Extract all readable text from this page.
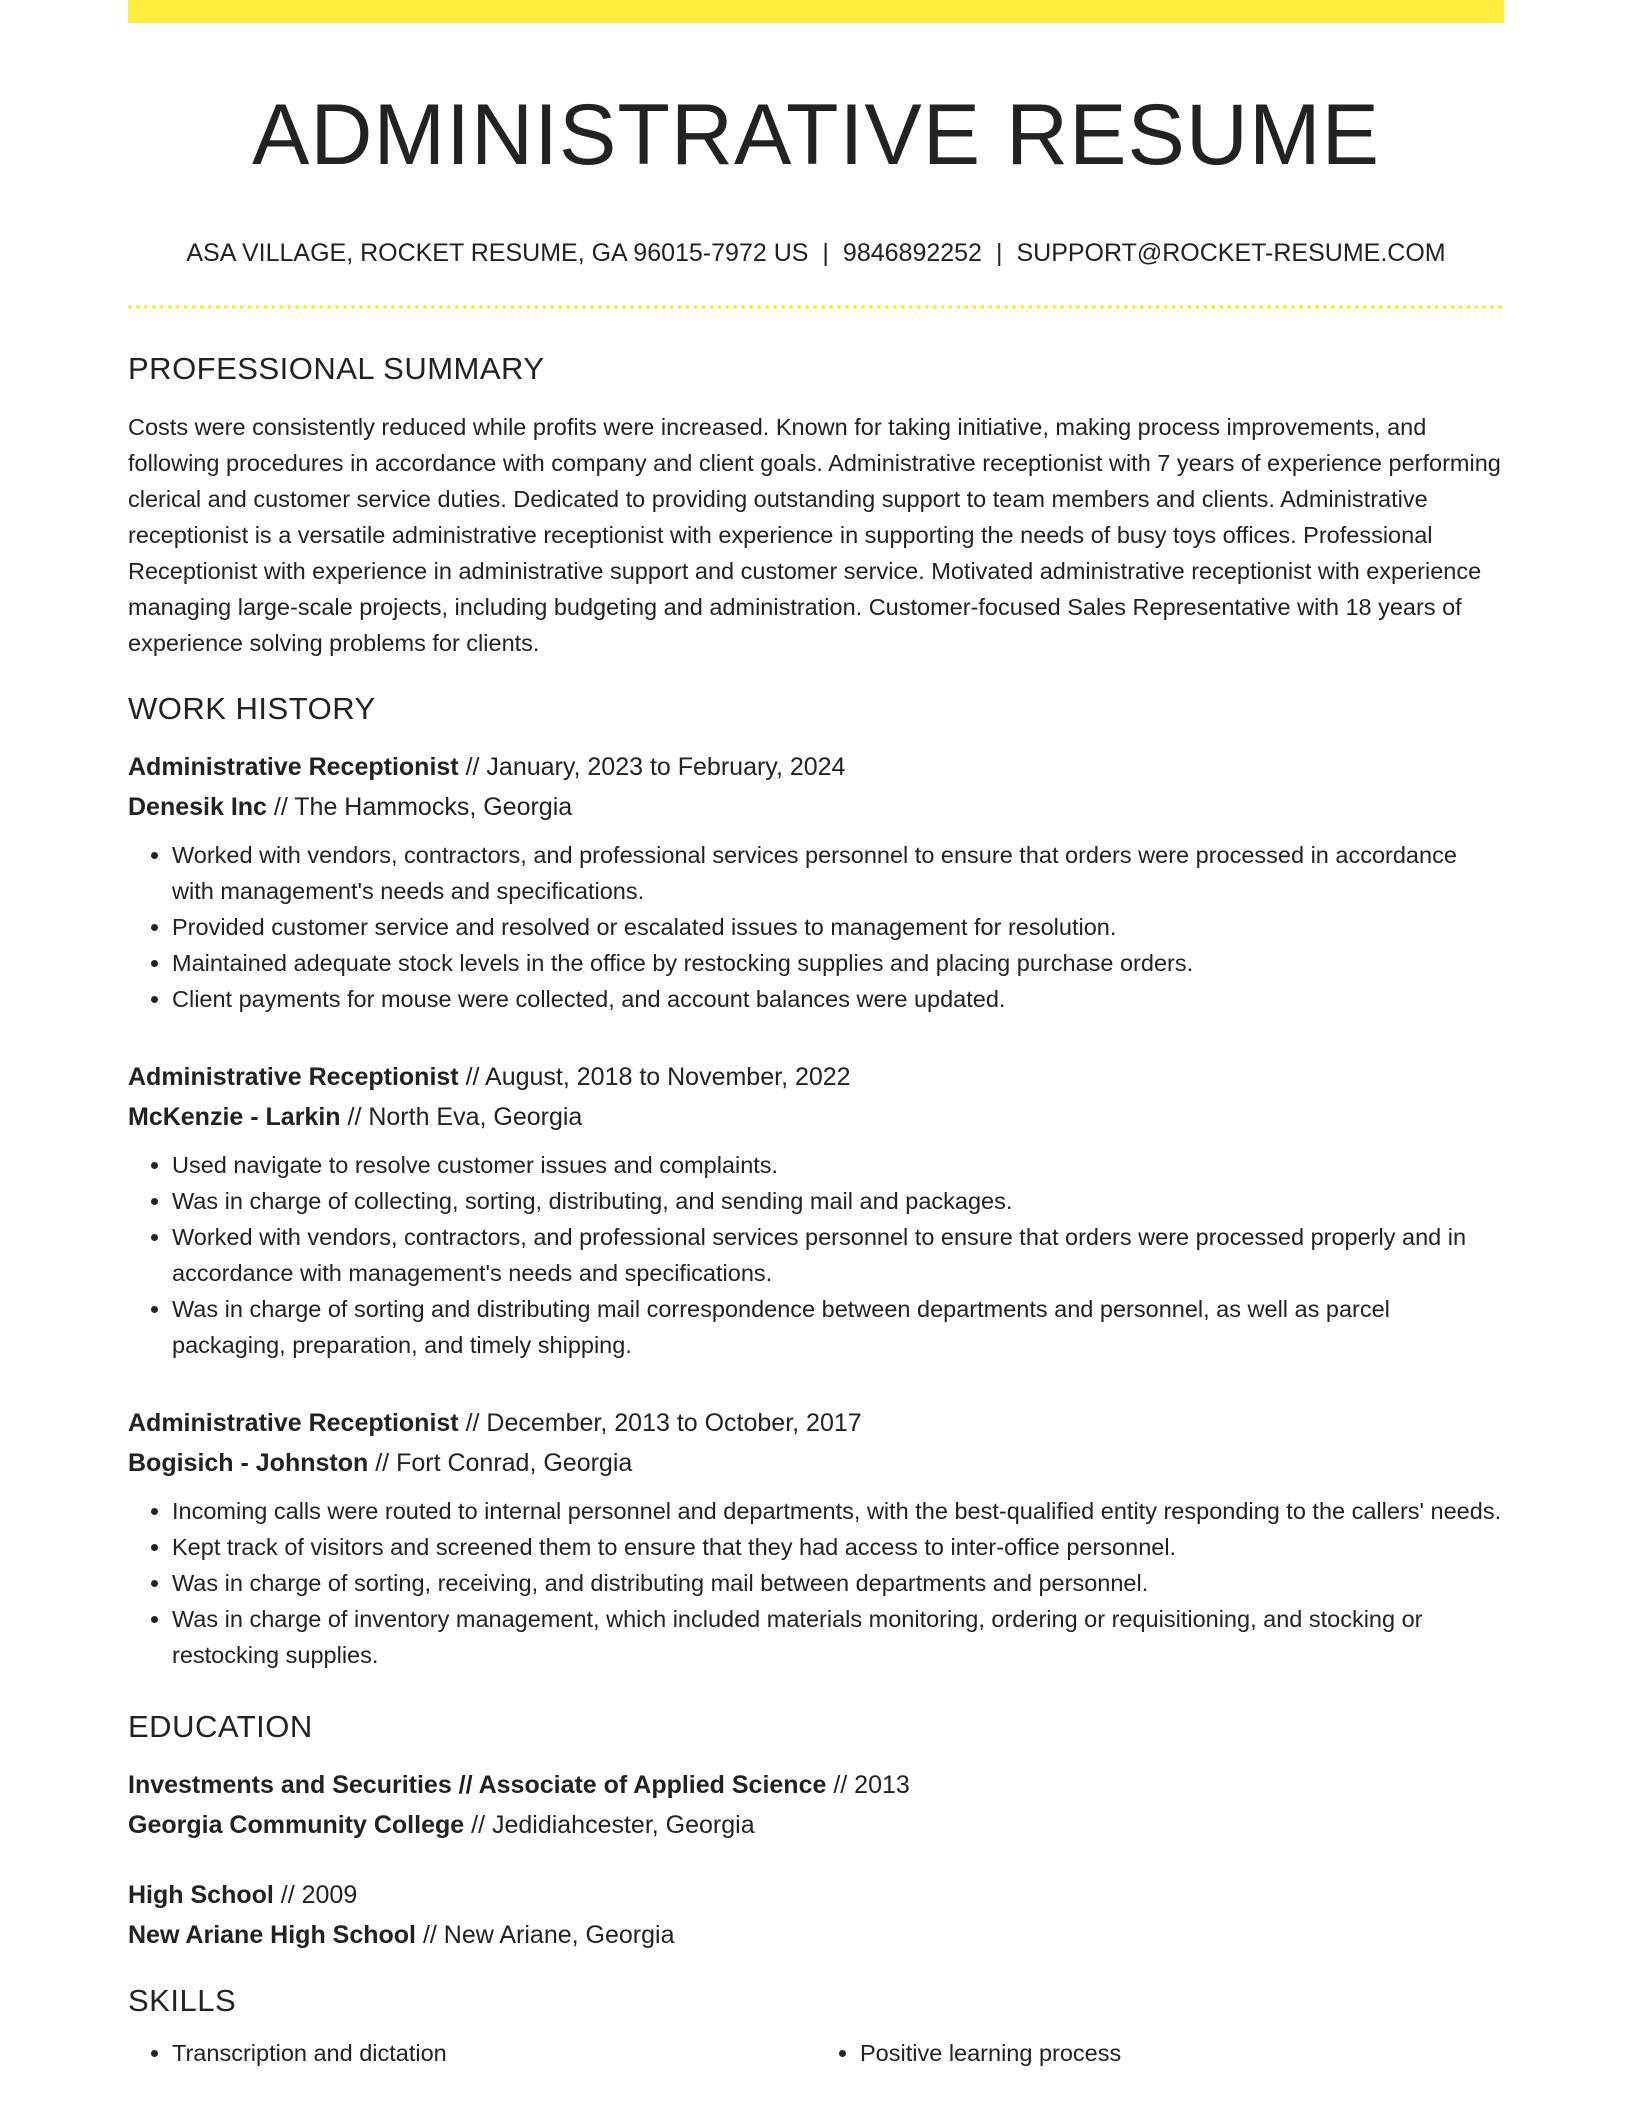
ADMINISTRATIVE RESUME
ASA VILLAGE, ROCKET RESUME, GA 96015-7972 US | 9846892252 | SUPPORT@ROCKET-RESUME.COM
PROFESSIONAL SUMMARY

Costs were consistently reduced while profits were increased. Known for taking initiative, making process improvements, and following procedures in accordance with company and client goals. Administrative receptionist with 7 years of experience performing clerical and customer service duties. Dedicated to providing outstanding support to team members and clients. Administrative receptionist is a versatile administrative receptionist with experience in supporting the needs of busy toys offices. Professional Receptionist with experience in administrative support and customer service. Motivated administrative receptionist with experience managing large-scale projects, including budgeting and administration. Customer-focused Sales Representative with 18 years of experience solving problems for clients.

WORK HISTORY
Administrative Receptionist // January, 2023 to February, 2024
Denesik Inc // The Hammocks, Georgia
• Worked with vendors, contractors, and professional services personnel to ensure that orders were processed in accordance with management's needs and specifications.
• Provided customer service and resolved or escalated issues to management for resolution.
• Maintained adequate stock levels in the office by restocking supplies and placing purchase orders.
• Client payments for mouse were collected, and account balances were updated.
Administrative Receptionist // August, 2018 to November, 2022
McKenzie - Larkin // North Eva, Georgia
• Used navigate to resolve customer issues and complaints.
• Was in charge of collecting, sorting, distributing, and sending mail and packages.
• Worked with vendors, contractors, and professional services personnel to ensure that orders were processed properly and in accordance with management's needs and specifications.
• Was in charge of sorting and distributing mail correspondence between departments and personnel, as well as parcel packaging, preparation, and timely shipping.
Administrative Receptionist // December, 2013 to October, 2017
Bogisich - Johnston // Fort Conrad, Georgia
• Incoming calls were routed to internal personnel and departments, with the best-qualified entity responding to the callers' needs.
• Kept track of visitors and screened them to ensure that they had access to inter-office personnel.
• Was in charge of sorting, receiving, and distributing mail between departments and personnel.
• Was in charge of inventory management, which included materials monitoring, ordering or requisitioning, and stocking or restocking supplies.
EDUCATION
Investments and Securities // Associate of Applied Science // 2013
Georgia Community College // Jedidiahcester, Georgia
High School // 2009
New Ariane High School // New Ariane, Georgia
SKILLS
• Transcription and dictation
•	Positive learning process
